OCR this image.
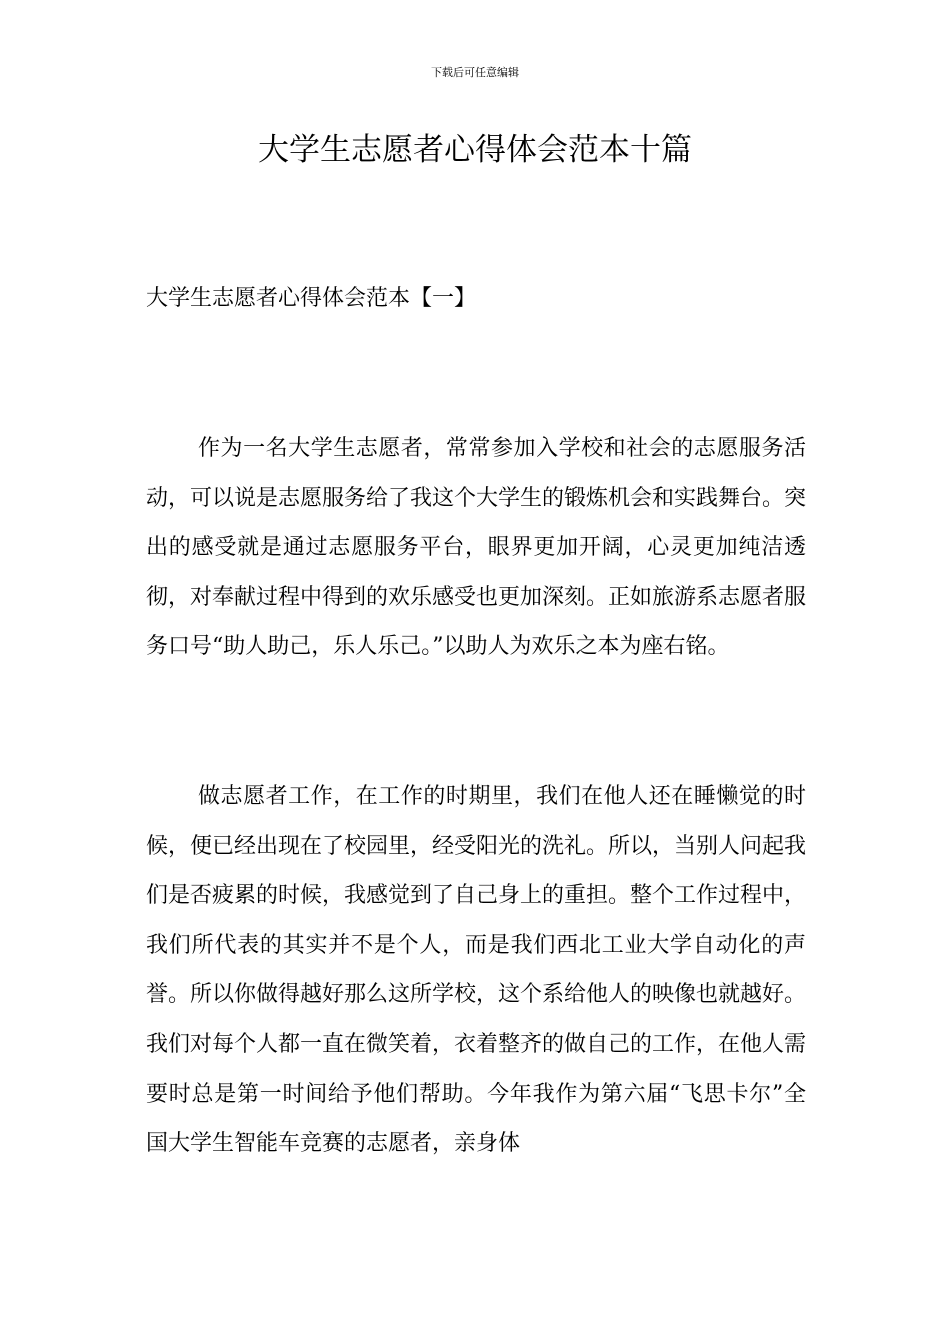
下载后可任意编辑
大学生志愿者心得体会范本十篇
大学生志愿者心得体会范本【一】

作为一名大学生志愿者，常常参加入学校和社会的志愿服务活动，可以说是志愿服务给了我这个大学生的锻炼机会和实践舞台。突出的感受就是通过志愿服务平台，眼界更加开阔，心灵更加纯洁透彻，对奉献过程中得到的欢乐感受也更加深刻。正如旅游系志愿者服务口号“助人助己，乐人乐己。”以助人为欢乐之本为座右铭。

做志愿者工作，在工作的时期里，我们在他人还在睡懒觉的时候，便已经出现在了校园里，经受阳光的洗礼。所以，当别人问起我们是否疲累的时候，我感觉到了自己身上的重担。整个工作过程中，我们所代表的其实并不是个人，而是我们西北工业大学自动化的声誉。所以你做得越好那么这所学校，这个系给他人的映像也就越好。我们对每个人都一直在微笑着，衣着整齐的做自己的工作，在他人需要时总是第一时间给予他们帮助。今年我作为第六届“飞思卡尔”全国大学生智能车竞赛的志愿者，亲身体
